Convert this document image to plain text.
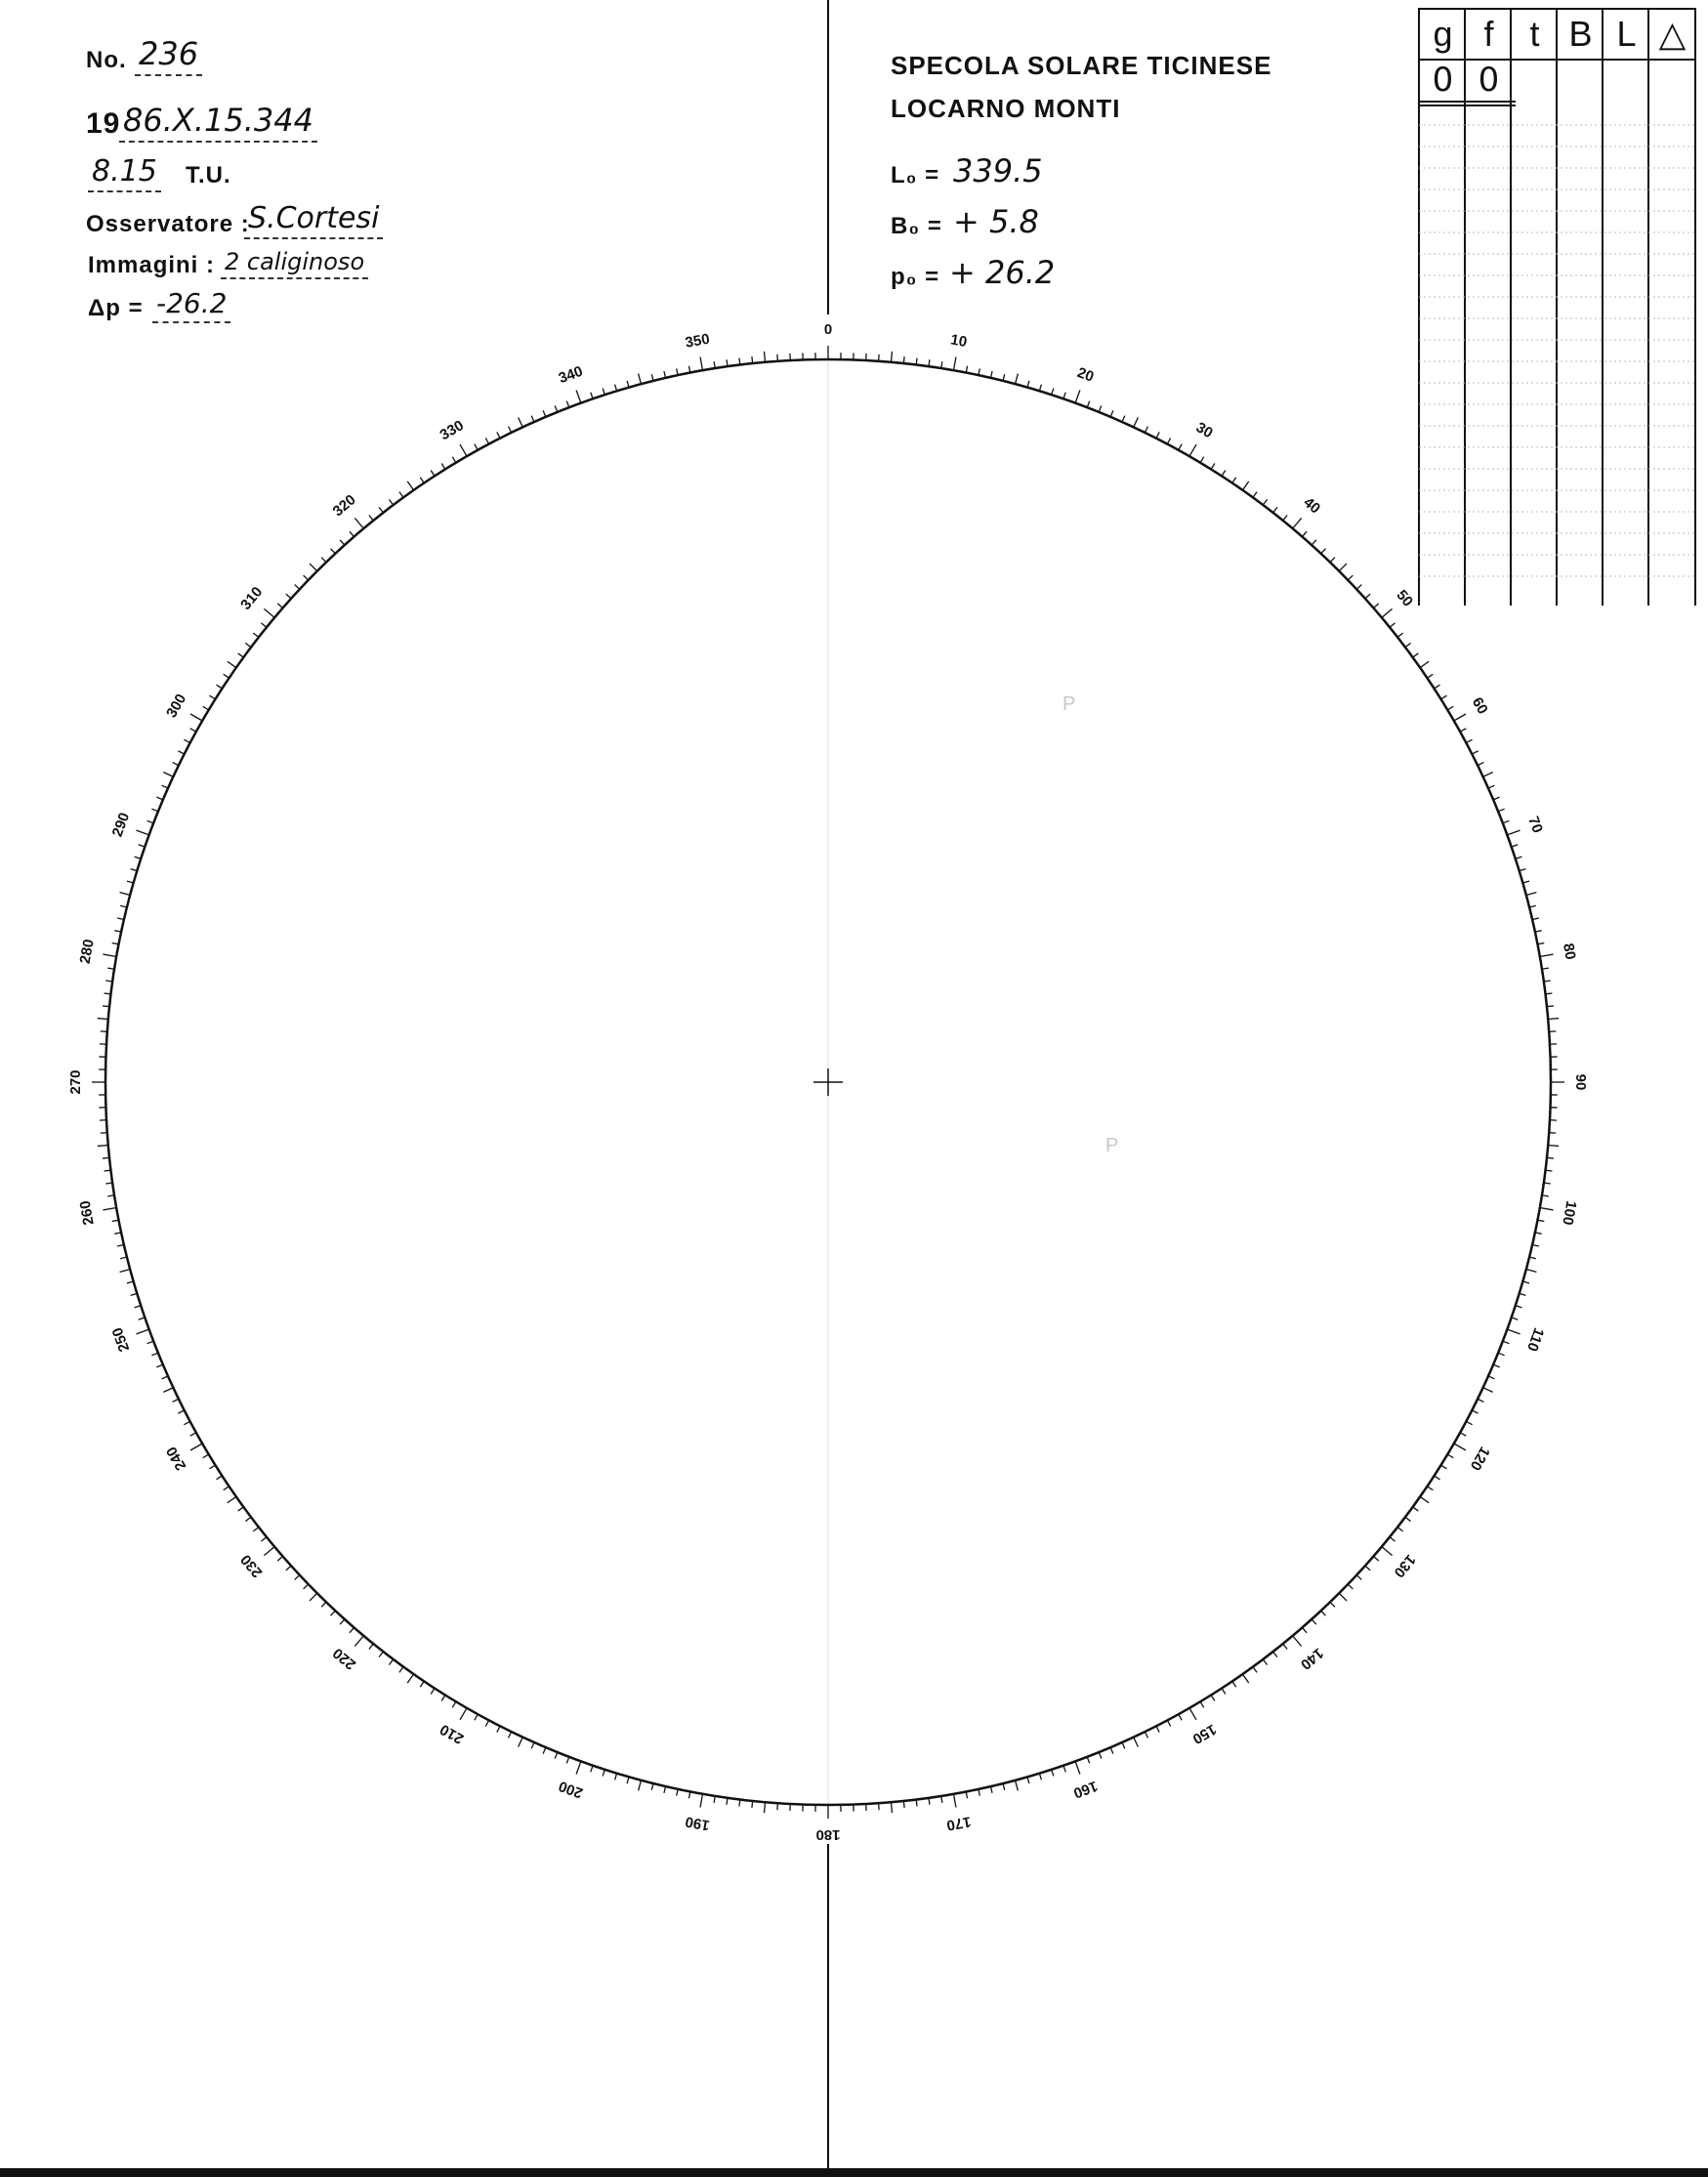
0
10
20
30
40
50
60
70
80
90
100
110
120
130
140
150
160
170
180
190
200
210
220
230
240
250
260
270
280
290
300
310
320
330
340
350
No. 236
19 86.X.15.344
8.15 T.U.
Osservatore :
S.Cortesi
Immagini : 2 caliginoso
Δp = -26.2
SPECOLA SOLARE TICINESE
LOCARNO MONTI
L₀ = 339.5
B₀ = + 5.8
p₀ = + 26.2
g f	t B L △
0 0
P
P
